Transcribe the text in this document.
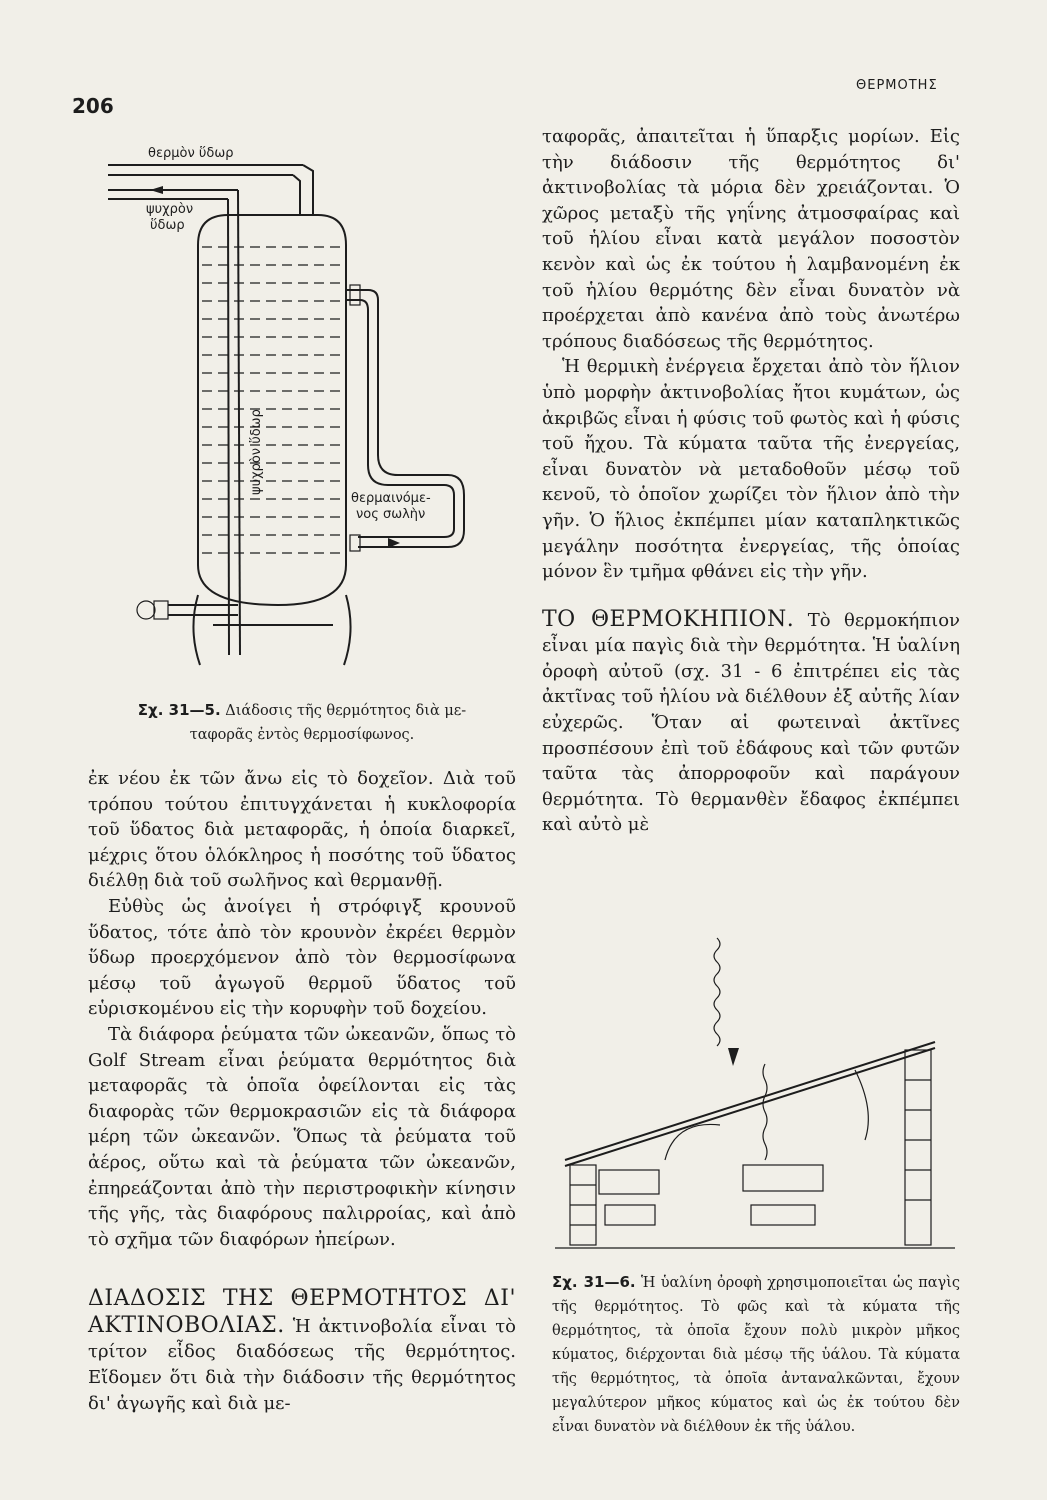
206
ΘΕΡΜΟΤΗΣ
θερμὸν ὕδωρ
ψυχρὸν
ὕδωρ
ψυχρὸν ὕδωρ
θερμαινόμε-
νος σωλὴν
Σχ. 31—5. Διάδοσις τῆς θερμότητος διὰ με-
ταφορᾶς ἐντὸς θερμοσίφωνος.

ἐκ νέου ἐκ τῶν ἄνω εἰς τὸ δοχεῖον. Διὰ τοῦ τρόπου τούτου ἐπιτυγχάνεται ἡ κυκλοφορία τοῦ ὕδατος διὰ μεταφορᾶς, ἡ ὁποία διαρκεῖ, μέχρις ὅτου ὁλόκληρος ἡ ποσότης τοῦ ὕδατος διέλθῃ διὰ τοῦ σωλῆνος καὶ θερμανθῇ.

Εὐθὺς ὡς ἀνοίγει ἡ στρόφιγξ κρουνοῦ ὕδατος, τότε ἀπὸ τὸν κρουνὸν ἐκρέει θερμὸν ὕδωρ προερχόμενον ἀπὸ τὸν θερμοσίφωνα μέσῳ τοῦ ἀγωγοῦ θερμοῦ ὕδατος τοῦ εὑρισκομένου εἰς τὴν κορυφὴν τοῦ δοχείου.

Τὰ διάφορα ῥεύματα τῶν ὠκεανῶν, ὅπως τὸ Golf Stream εἶναι ῥεύματα θερμότητος διὰ μεταφορᾶς τὰ ὁποῖα ὀφείλονται εἰς τὰς διαφορὰς τῶν θερμοκρασιῶν εἰς τὰ διάφορα μέρη τῶν ὠκεανῶν. Ὅπως τὰ ῥεύματα τοῦ ἀέρος, οὕτω καὶ τὰ ῥεύματα τῶν ὠκεανῶν, ἐπηρεάζονται ἀπὸ τὴν περιστροφικὴν κίνησιν τῆς γῆς, τὰς διαφόρους παλιρροίας, καὶ ἀπὸ τὸ σχῆμα τῶν διαφόρων ἠπείρων.

ΔΙΑΔΟΣΙΣ ΤΗΣ ΘΕΡΜΟΤΗΤΟΣ ΔΙ' ΑΚΤΙΝΟΒΟΛΙΑΣ. Ἡ ἀκτινοβολία εἶναι τὸ τρίτον εἶδος διαδόσεως τῆς θερμότητος. Εἴδομεν ὅτι διὰ τὴν διάδοσιν τῆς θερμότητος δι' ἀγωγῆς καὶ διὰ με-

ταφορᾶς, ἀπαιτεῖται ἡ ὕπαρξις μορίων. Εἰς τὴν διάδοσιν τῆς θερμότητος δι' ἀκτινοβολίας τὰ μόρια δὲν χρειάζονται. Ὁ χῶρος μεταξὺ τῆς γηΐνης ἀτμοσφαίρας καὶ τοῦ ἡλίου εἶναι κατὰ μεγάλον ποσοστὸν κενὸν καὶ ὡς ἐκ τούτου ἡ λαμβανομένη ἐκ τοῦ ἡλίου θερμότης δὲν εἶναι δυνατὸν νὰ προέρχεται ἀπὸ κανένα ἀπὸ τοὺς ἀνωτέρω τρόπους διαδόσεως τῆς θερμότητος.

Ἡ θερμικὴ ἐνέργεια ἔρχεται ἀπὸ τὸν ἥλιον ὑπὸ μορφὴν ἀκτινοβολίας ἤτοι κυμάτων, ὡς ἀκριβῶς εἶναι ἡ φύσις τοῦ φωτὸς καὶ ἡ φύσις τοῦ ἤχου. Τὰ κύματα ταῦτα τῆς ἐνεργείας, εἶναι δυνατὸν νὰ μεταδοθοῦν μέσῳ τοῦ κενοῦ, τὸ ὁποῖον χωρίζει τὸν ἥλιον ἀπὸ τὴν γῆν. Ὁ ἥλιος ἐκπέμπει μίαν καταπληκτικῶς μεγάλην ποσότητα ἐνεργείας, τῆς ὁποίας μόνον ἓν τμῆμα φθάνει εἰς τὴν γῆν.

ΤΟ ΘΕΡΜΟΚΗΠΙΟΝ. Τὸ θερμοκήπιον εἶναι μία παγὶς διὰ τὴν θερμότητα. Ἡ ὑαλίνη ὀροφὴ αὐτοῦ (σχ. 31 - 6 ἐπιτρέπει εἰς τὰς ἀκτῖνας τοῦ ἡλίου νὰ διέλθουν ἐξ αὐτῆς λίαν εὐχερῶς. Ὅταν αἱ φωτειναὶ ἀκτῖνες προσπέσουν ἐπὶ τοῦ ἐδάφους καὶ τῶν φυτῶν ταῦτα τὰς ἀπορροφοῦν καὶ παράγουν θερμότητα. Τὸ θερμανθὲν ἔδαφος ἐκπέμπει καὶ αὐτὸ μὲ

Σχ. 31—6. Ἡ ὑαλίνη ὀροφὴ χρησιμοποιεῖται ὡς παγὶς τῆς θερμότητος. Τὸ φῶς καὶ τὰ κύματα τῆς θερμότητος, τὰ ὁποῖα ἔχουν πολὺ μικρὸν μῆκος κύματος, διέρχονται διὰ μέσῳ τῆς ὑάλου. Τὰ κύματα τῆς θερμότητος, τὰ ὁποῖα ἀνταναλκῶνται, ἔχουν μεγαλύτερον μῆκος κύματος καὶ ὡς ἐκ τούτου δὲν εἶναι δυνατὸν νὰ διέλθουν ἐκ τῆς ὑάλου.
